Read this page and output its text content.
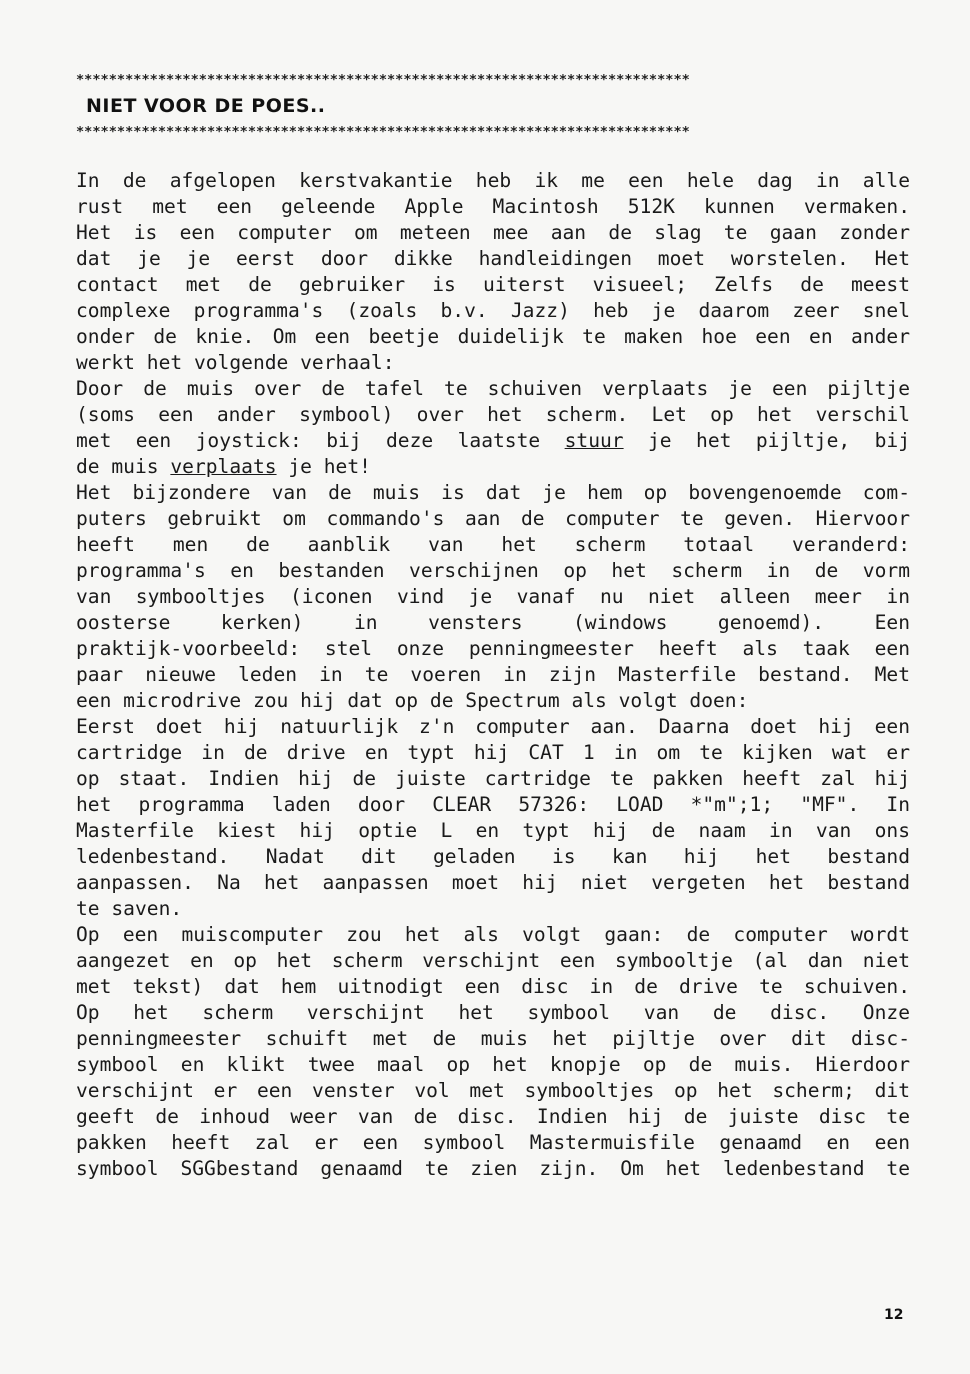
***************************************************************************
NIET VOOR DE POES..
***************************************************************************
In de afgelopen kerstvakantie heb ik me een hele dag in alle
rust met een geleende Apple Macintosh 512K kunnen vermaken.
Het is een computer om meteen mee aan de slag te gaan zonder
dat je je eerst door dikke handleidingen moet worstelen. Het
contact met de gebruiker is uiterst visueel; Zelfs de meest
complexe programma's (zoals b.v. Jazz) heb je daarom zeer snel
onder de knie. Om een beetje duidelijk te maken hoe een en ander
werkt het volgende verhaal:
Door de muis over de tafel te schuiven verplaats je een pijltje
(soms een ander symbool) over het scherm. Let op het verschil
met een joystick: bij deze laatste stuur je het pijltje, bij
de muis verplaats je het!
Het bijzondere van de muis is dat je hem op bovengenoemde com-
puters gebruikt om commando's aan de computer te geven. Hiervoor
heeft men de aanblik van het scherm totaal veranderd:
programma's en bestanden verschijnen op het scherm in de vorm
van symbooltjes (iconen vind je vanaf nu niet alleen meer in
oosterse kerken) in vensters (windows genoemd). Een
praktijk-voorbeeld: stel onze penningmeester heeft als taak een
paar nieuwe leden in te voeren in zijn Masterfile bestand. Met
een microdrive zou hij dat op de Spectrum als volgt doen:
Eerst doet hij natuurlijk z'n computer aan. Daarna doet hij een
cartridge in de drive en typt hij CAT 1 in om te kijken wat er
op staat. Indien hij de juiste cartridge te pakken heeft zal hij
het programma laden door CLEAR 57326: LOAD *"m";1; "MF". In
Masterfile kiest hij optie L en typt hij de naam in van ons
ledenbestand. Nadat dit geladen is kan hij het bestand
aanpassen. Na het aanpassen moet hij niet vergeten het bestand
te saven.
Op een muiscomputer zou het als volgt gaan: de computer wordt
aangezet en op het scherm verschijnt een symbooltje (al dan niet
met tekst) dat hem uitnodigt een disc in de drive te schuiven.
Op het scherm verschijnt het symbool van de disc. Onze
penningmeester schuift met de muis het pijltje over dit disc-
symbool en klikt twee maal op het knopje op de muis. Hierdoor
verschijnt er een venster vol met symbooltjes op het scherm; dit
geeft de inhoud weer van de disc. Indien hij de juiste disc te
pakken heeft zal er een symbool Mastermuisfile genaamd en een
symbool SGGbestand genaamd te zien zijn. Om het ledenbestand te
12
